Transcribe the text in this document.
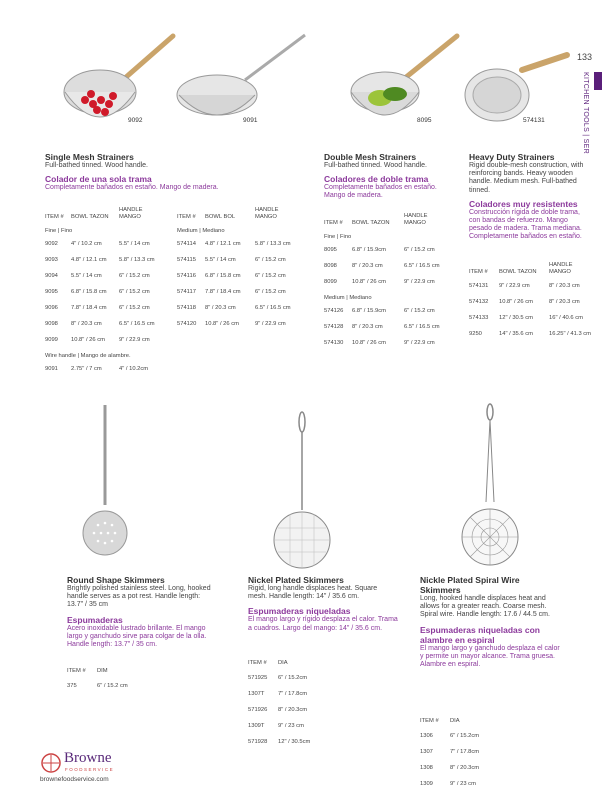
133
KITCHEN TOOLS | SER
9092	9091	8095	574131
Single Mesh Strainers
Full-bathed tinned. Wood handle.
Colador de una sola trama
Completamente bañados en estaño. Mango de madera.
ITEM #	BOWL TAZON	HANDLE MANGO
Fine | Fino		
9092	4" / 10.2 cm	5.5" / 14 cm
9093	4.8" / 12.1 cm	5.8" / 13.3 cm
9094	5.5" / 14 cm	6" / 15.2 cm
9095	6.8" / 15.8 cm	6" / 15.2 cm
9096	7.8" / 18.4 cm	6" / 15.2 cm
9098	8" / 20.3 cm	6.5" / 16.5 cm
9099	10.8" / 26 cm	9" / 22.9 cm
Wire handle | Mango de alambre.		
9091	2.75" / 7 cm	4" / 10.2cm
ITEM #	BOWL BOL	HANDLE MANGO
Medium | Mediano		
574114	4.8" / 12.1 cm	5.8" / 13.3 cm
574115	5.5" / 14 cm	6" / 15.2 cm
574116	6.8" / 15.8 cm	6" / 15.2 cm
574117	7.8" / 18.4 cm	6" / 15.2 cm
574118	8" / 20.3 cm	6.5" / 16.5 cm
574120	10.8" / 26 cm	9" / 22.9 cm
Double Mesh Strainers
Full-bathed tinned. Wood handle.
Coladores de doble trama
Completamente bañados en estaño. Mango de madera.
ITEM #	BOWL TAZON	HANDLE MANGO
Fine | Fino		
8095	6.8" / 15.9cm	6" / 15.2 cm
8098	8" / 20.3 cm	6.5" / 16.5 cm
8099	10.8" / 26 cm	9" / 22.9 cm
Medium | Mediano		
574126	6.8" / 15.9cm	6" / 15.2 cm
574128	8" / 20.3 cm	6.5" / 16.5 cm
574130	10.8" / 26 cm	9" / 22.9 cm
Heavy Duty Strainers
Rigid double-mesh construction, with reinforcing bands. Heavy wooden handle. Medium mesh. Full-bathed tinned.
Coladores muy resistentes
Construcción rígida de doble trama, con bandas de refuerzo. Mango pesado de madera. Trama mediana. Completamente bañados en estaño.
ITEM #	BOWL TAZON	HANDLE MANGO
574131	9" / 22.9 cm	8" / 20.3 cm
574132	10.8" / 26 cm	8" / 20.3 cm
574133	12" / 30.5 cm	16" / 40.6 cm
9250	14" / 35.6 cm	16.25" / 41.3 cm
Round Shape Skimmers
Brightly polished stainless steel. Long, hooked handle serves as a pot rest. Handle length: 13.7" / 35 cm
Espumaderas
Acero inoxidable lustrado brillante. El mango largo y ganchudo sirve para colgar de la olla. Handle length: 13.7" / 35 cm.
ITEM #	DIM
375	6" / 15.2 cm
Nickel Plated Skimmers
Rigid, long handle displaces heat. Square mesh. Handle length: 14" / 35.6 cm.
Espumaderas niqueladas
El mango largo y rígido desplaza el calor. Trama a cuadros. Largo del mango: 14" / 35.6 cm.
ITEM #	DIA
571925	6" / 15.2cm
1307T	7" / 17.8cm
571926	8" / 20.3cm
1309T	9" / 23 cm
571928	12" / 30.5cm
Nickle Plated Spiral Wire Skimmers
Long, hooked handle displaces heat and allows for a greater reach. Coarse mesh. Spiral wire. Handle length: 17.6 / 44.5 cm.
Espumaderas niqueladas con alambre en espiral
El mango largo y ganchudo desplaza el calor y permite un mayor alcance. Trama gruesa. Alambre en espiral.
ITEM #	DIA
1306	6" / 15.2cm
1307	7" / 17.8cm
1308	8" / 20.3cm
1309	9" / 23 cm
Browne
FOODSERVICE
brownefoodservice.com
